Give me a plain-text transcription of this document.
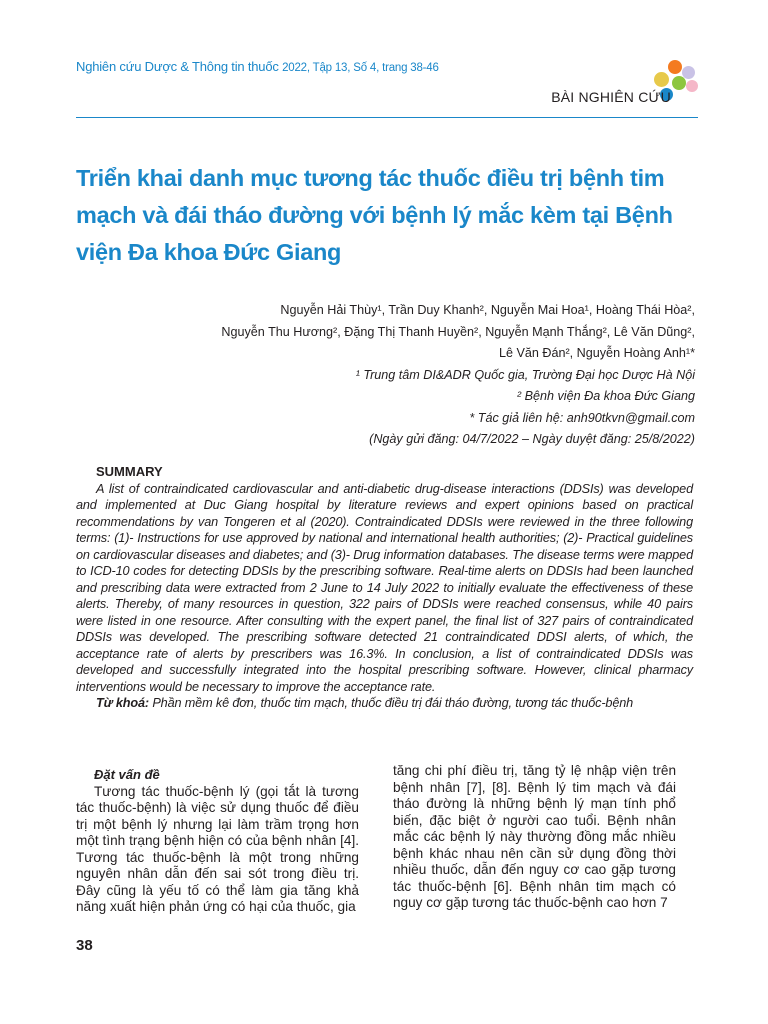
Nghiên cứu Dược & Thông tin thuốc 2022, Tập 13, Số 4, trang 38-46
BÀI NGHIÊN CỨU
Triển khai danh mục tương tác thuốc điều trị bệnh tim mạch và đái tháo đường với bệnh lý mắc kèm tại Bệnh viện Đa khoa Đức Giang
Nguyễn Hải Thùy¹, Trần Duy Khanh², Nguyễn Mai Hoa¹, Hoàng Thái Hòa²,
Nguyễn Thu Hương², Đặng Thị Thanh Huyền², Nguyễn Mạnh Thắng², Lê Văn Dũng²,
Lê Văn Đán², Nguyễn Hoàng Anh¹*
¹ Trung tâm DI&ADR Quốc gia, Trường Đại học Dược Hà Nội
² Bệnh viện Đa khoa Đức Giang
* Tác giả liên hệ: anh90tkvn@gmail.com
(Ngày gửi đăng: 04/7/2022 – Ngày duyệt đăng: 25/8/2022)
SUMMARY

A list of contraindicated cardiovascular and anti-diabetic drug-disease interactions (DDSIs) was developed and implemented at Duc Giang hospital by literature reviews and expert opinions based on practical recommendations by van Tongeren et al (2020). Contraindicated DDSIs were reviewed in the three following terms: (1)- Instructions for use approved by national and international health authorities; (2)- Practical guidelines on cardiovascular diseases and diabetes; and (3)- Drug information databases. The disease terms were mapped to ICD-10 codes for detecting DDSIs by the prescribing software. Real-time alerts on DDSIs had been launched and prescribing data were extracted from 2 June to 14 July 2022 to initially evaluate the effectiveness of these alerts. Thereby, of many resources in question, 322 pairs of DDSIs were reached consensus, while 40 pairs were listed in one resource. After consulting with the expert panel, the final list of 327 pairs of contraindicated DDSIs was developed. The prescribing software detected 21 contraindicated DDSI alerts, of which, the acceptance rate of alerts by prescribers was 16.3%. In conclusion, a list of contraindicated DDSIs was developed and successfully integrated into the hospital prescribing software. However, clinical pharmacy interventions would be necessary to improve the acceptance rate.

Từ khoá: Phần mềm kê đơn, thuốc tim mạch, thuốc điều trị đái tháo đường, tương tác thuốc-bệnh

Đặt vấn đề

Tương tác thuốc-bệnh lý (gọi tắt là tương tác thuốc-bệnh) là việc sử dụng thuốc để điều trị một bệnh lý nhưng lại làm trầm trọng hơn một tình trạng bệnh hiện có của bệnh nhân [4]. Tương tác thuốc-bệnh là một trong những nguyên nhân dẫn đến sai sót trong điều trị. Đây cũng là yếu tố có thể làm gia tăng khả năng xuất hiện phản ứng có hại của thuốc, gia

tăng chi phí điều trị, tăng tỷ lệ nhập viện trên bệnh nhân [7], [8]. Bệnh lý tim mạch và đái tháo đường là những bệnh lý mạn tính phổ biến, đặc biệt ở người cao tuổi. Bệnh nhân mắc các bệnh lý này thường đồng mắc nhiều bệnh khác nhau nên cần sử dụng đồng thời nhiều thuốc, dẫn đến nguy cơ cao gặp tương tác thuốc-bệnh [6]. Bệnh nhân tim mạch có nguy cơ gặp tương tác thuốc-bệnh cao hơn 7

38
